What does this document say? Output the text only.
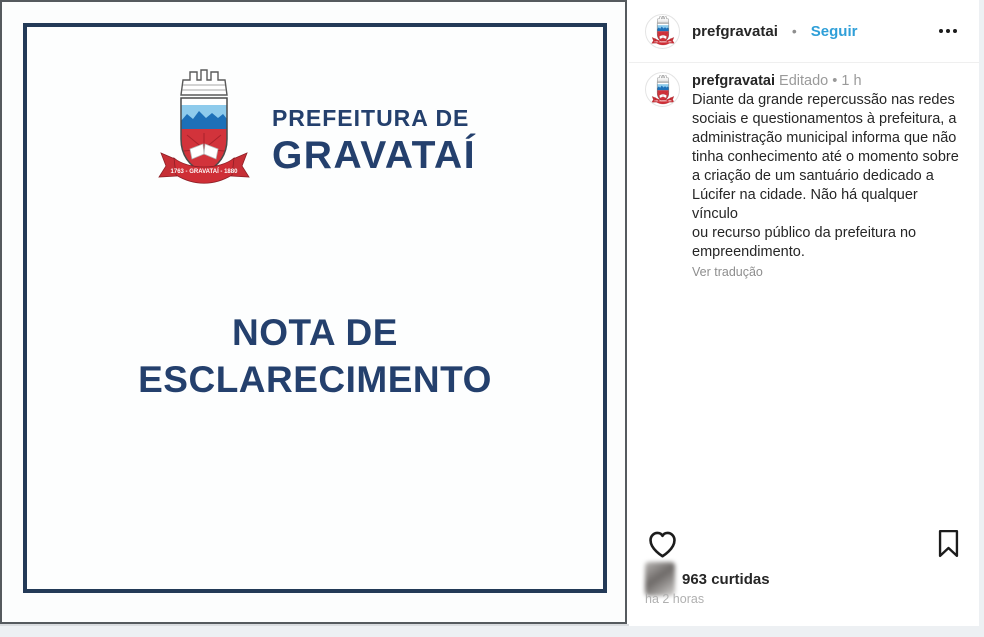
PREFEITURA DE
GRAVATAÍ
NOTA DE
ESCLARECIMENTO
prefgravatai • Seguir
prefgravatai Editado • 1 h
Diante da grande repercussão nas redes
sociais e questionamentos à prefeitura, a
administração municipal informa que não
tinha conhecimento até o momento sobre
a criação de um santuário dedicado a
Lúcifer na cidade. Não há qualquer vínculo
ou recurso público da prefeitura no
empreendimento.
Ver tradução
963 curtidas
há 2 horas
